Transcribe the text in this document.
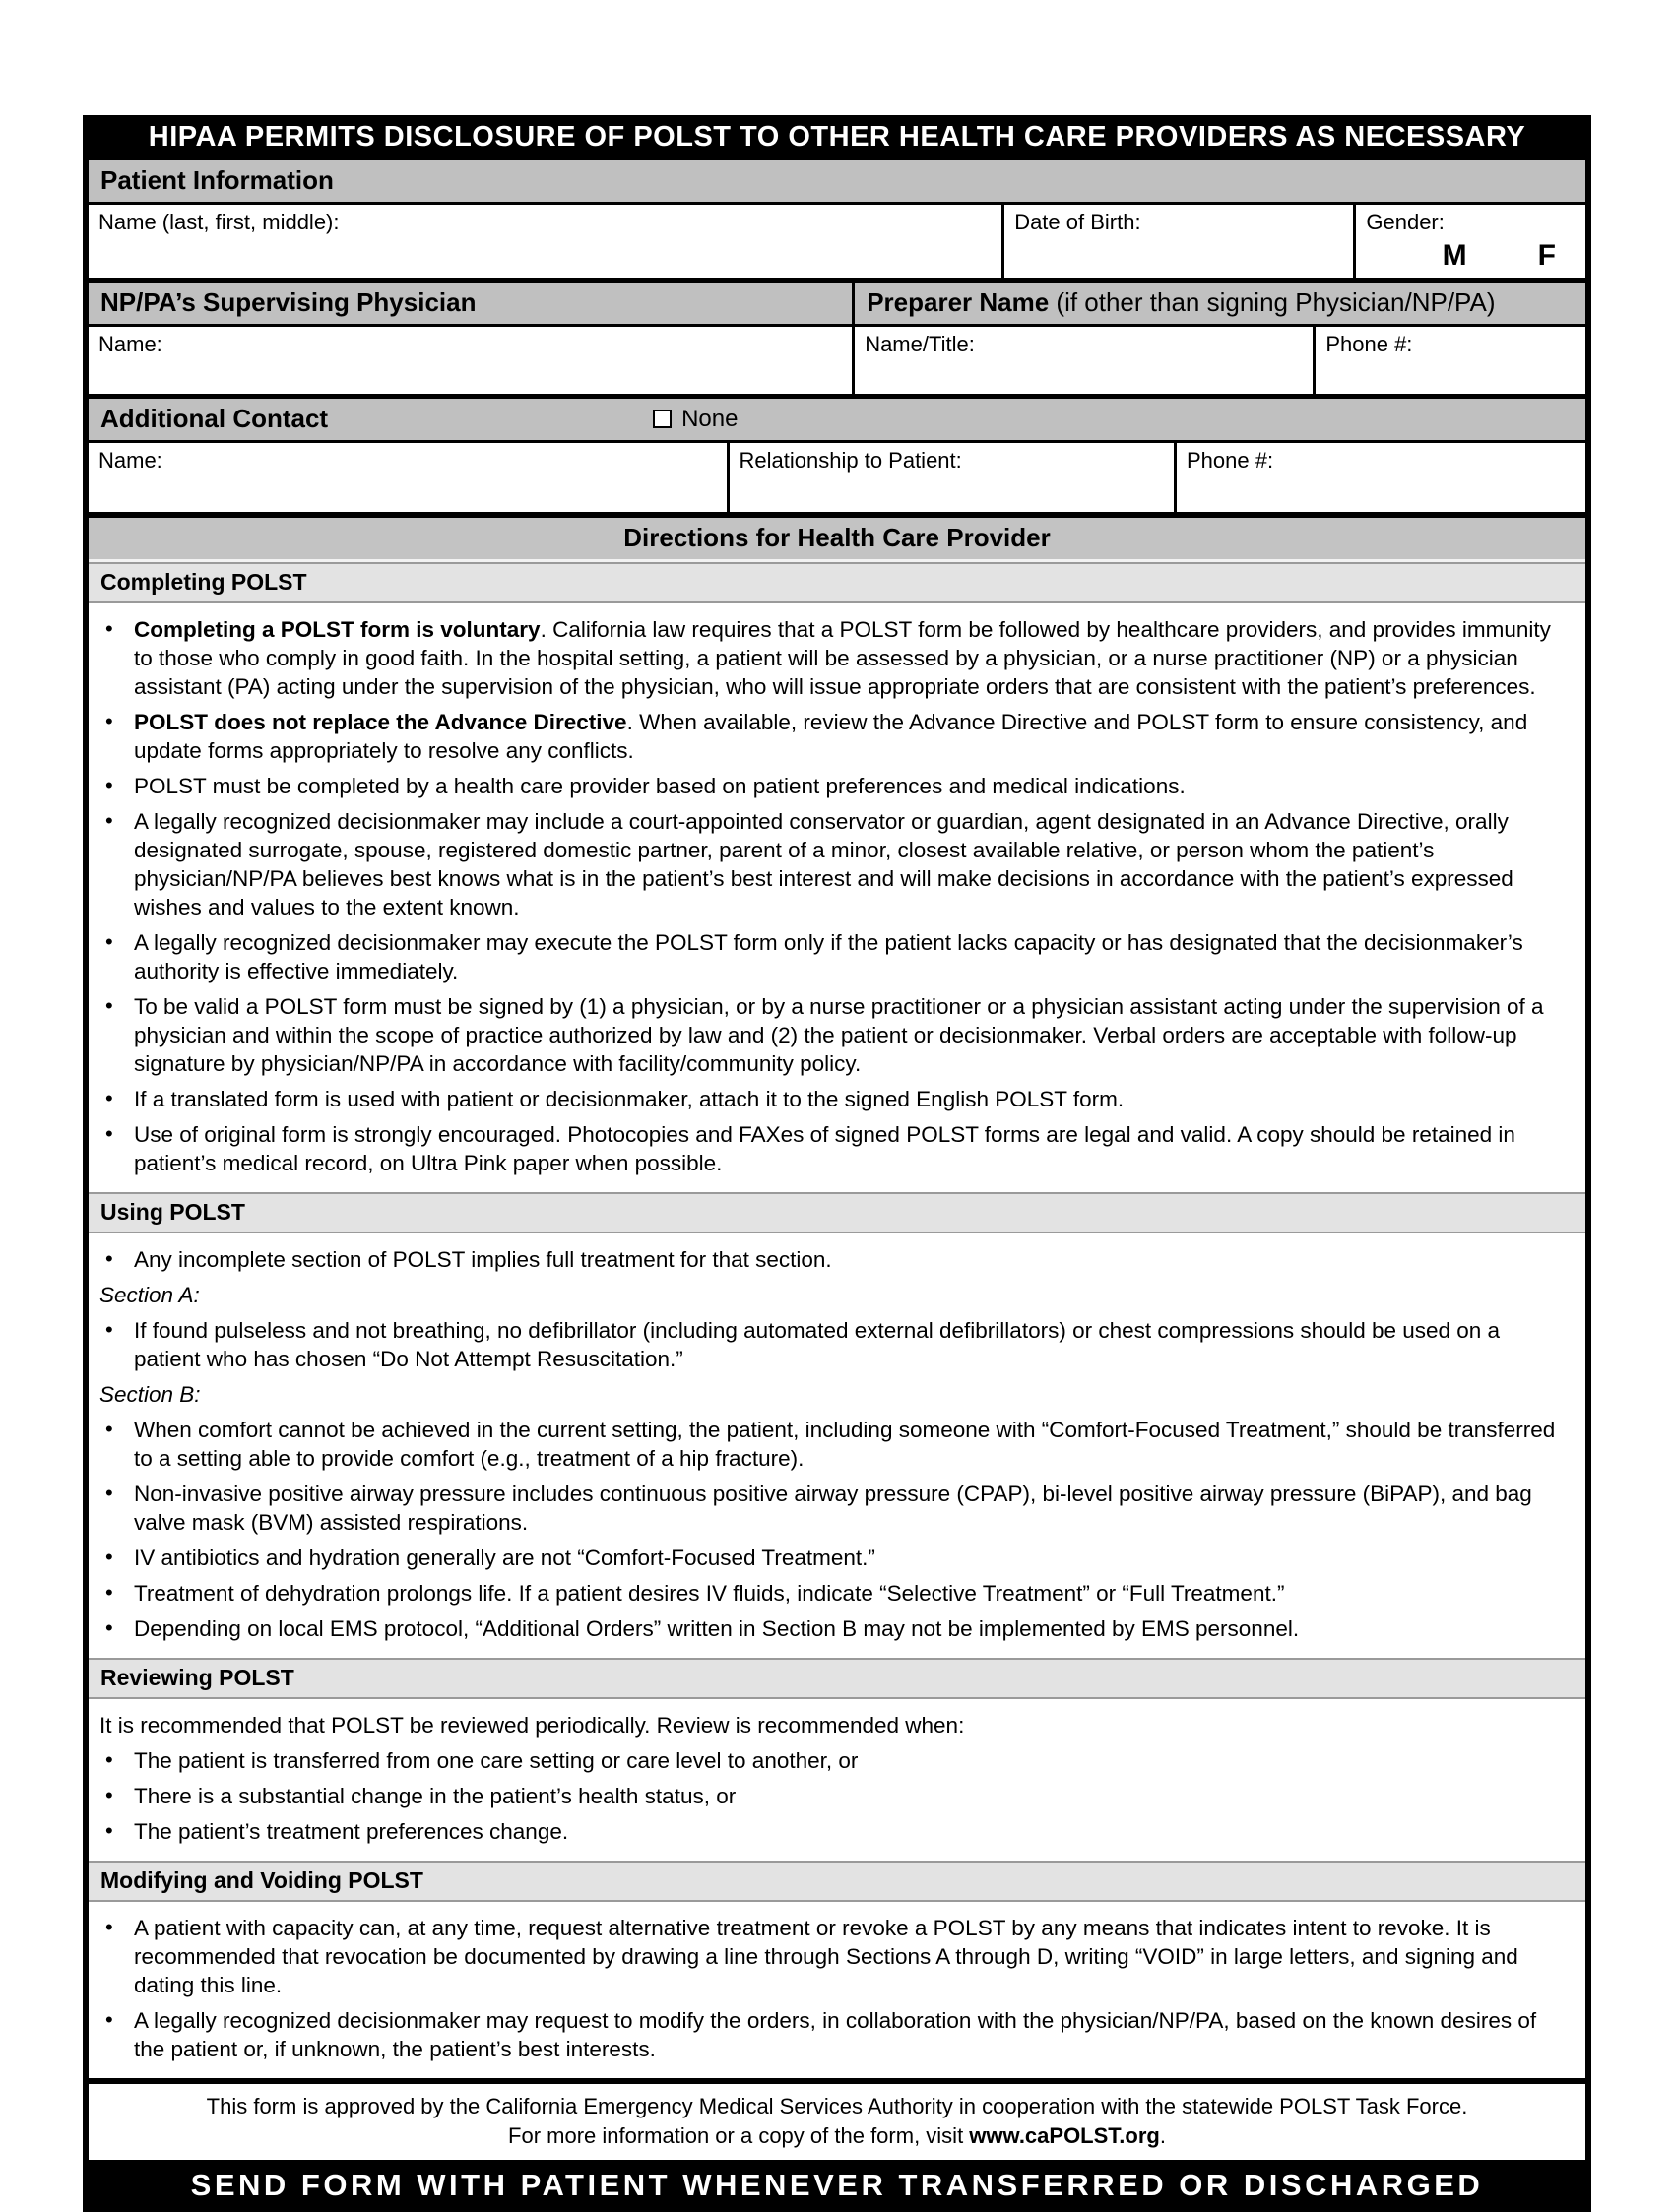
HIPAA PERMITS DISCLOSURE OF POLST TO OTHER HEALTH CARE PROVIDERS AS NECESSARY
Patient Information
Name (last, first, middle):	Date of Birth:	Gender:
M F
NP/PA’s Supervising Physician	Preparer Name (if other than signing Physician/NP/PA)
Name:	Name/Title:	Phone #:
Additional Contact	None
Name:	Relationship to Patient:	Phone #:
Directions for Health Care Provider
Completing POLST
• Completing a POLST form is voluntary. California law requires that a POLST form be followed by healthcare providers, and provides immunity to those who comply in good faith. In the hospital setting, a patient will be assessed by a physician, or a nurse practitioner (NP) or a physician assistant (PA) acting under the supervision of the physician, who will issue appropriate orders that are consistent with the patient’s preferences.
• POLST does not replace the Advance Directive. When available, review the Advance Directive and POLST form to ensure consistency, and update forms appropriately to resolve any conflicts.
• POLST must be completed by a health care provider based on patient preferences and medical indications.
• A legally recognized decisionmaker may include a court-appointed conservator or guardian, agent designated in an Advance Directive, orally designated surrogate, spouse, registered domestic partner, parent of a minor, closest available relative, or person whom the patient’s physician/NP/PA believes best knows what is in the patient’s best interest and will make decisions in accordance with the patient’s expressed wishes and values to the extent known.
• A legally recognized decisionmaker may execute the POLST form only if the patient lacks capacity or has designated that the decisionmaker’s authority is effective immediately.
• To be valid a POLST form must be signed by (1) a physician, or by a nurse practitioner or a physician assistant acting under the supervision of a physician and within the scope of practice authorized by law and (2) the patient or decisionmaker. Verbal orders are acceptable with follow-up signature by physician/NP/PA in accordance with facility/community policy.
• If a translated form is used with patient or decisionmaker, attach it to the signed English POLST form.
• Use of original form is strongly encouraged. Photocopies and FAXes of signed POLST forms are legal and valid. A copy should be retained in patient’s medical record, on Ultra Pink paper when possible.
Using POLST
• Any incomplete section of POLST implies full treatment for that section.
Section A:
• If found pulseless and not breathing, no defibrillator (including automated external defibrillators) or chest compressions should be used on a patient who has chosen “Do Not Attempt Resuscitation.”
Section B:
• When comfort cannot be achieved in the current setting, the patient, including someone with “Comfort-Focused Treatment,” should be transferred to a setting able to provide comfort (e.g., treatment of a hip fracture).
• Non-invasive positive airway pressure includes continuous positive airway pressure (CPAP), bi-level positive airway pressure (BiPAP), and bag valve mask (BVM) assisted respirations.
• IV antibiotics and hydration generally are not “Comfort-Focused Treatment.”
• Treatment of dehydration prolongs life. If a patient desires IV fluids, indicate “Selective Treatment” or “Full Treatment.”
• Depending on local EMS protocol, “Additional Orders” written in Section B may not be implemented by EMS personnel.
Reviewing POLST
It is recommended that POLST be reviewed periodically. Review is recommended when:
• The patient is transferred from one care setting or care level to another, or
• There is a substantial change in the patient’s health status, or
• The patient’s treatment preferences change.
Modifying and Voiding POLST
• A patient with capacity can, at any time, request alternative treatment or revoke a POLST by any means that indicates intent to revoke. It is recommended that revocation be documented by drawing a line through Sections A through D, writing “VOID” in large letters, and signing and dating this line.
• A legally recognized decisionmaker may request to modify the orders, in collaboration with the physician/NP/PA, based on the known desires of the patient or, if unknown, the patient’s best interests.
This form is approved by the California Emergency Medical Services Authority in cooperation with the statewide POLST Task Force.
For more information or a copy of the form, visit www.caPOLST.org.
SEND FORM WITH PATIENT WHENEVER TRANSFERRED OR DISCHARGED
